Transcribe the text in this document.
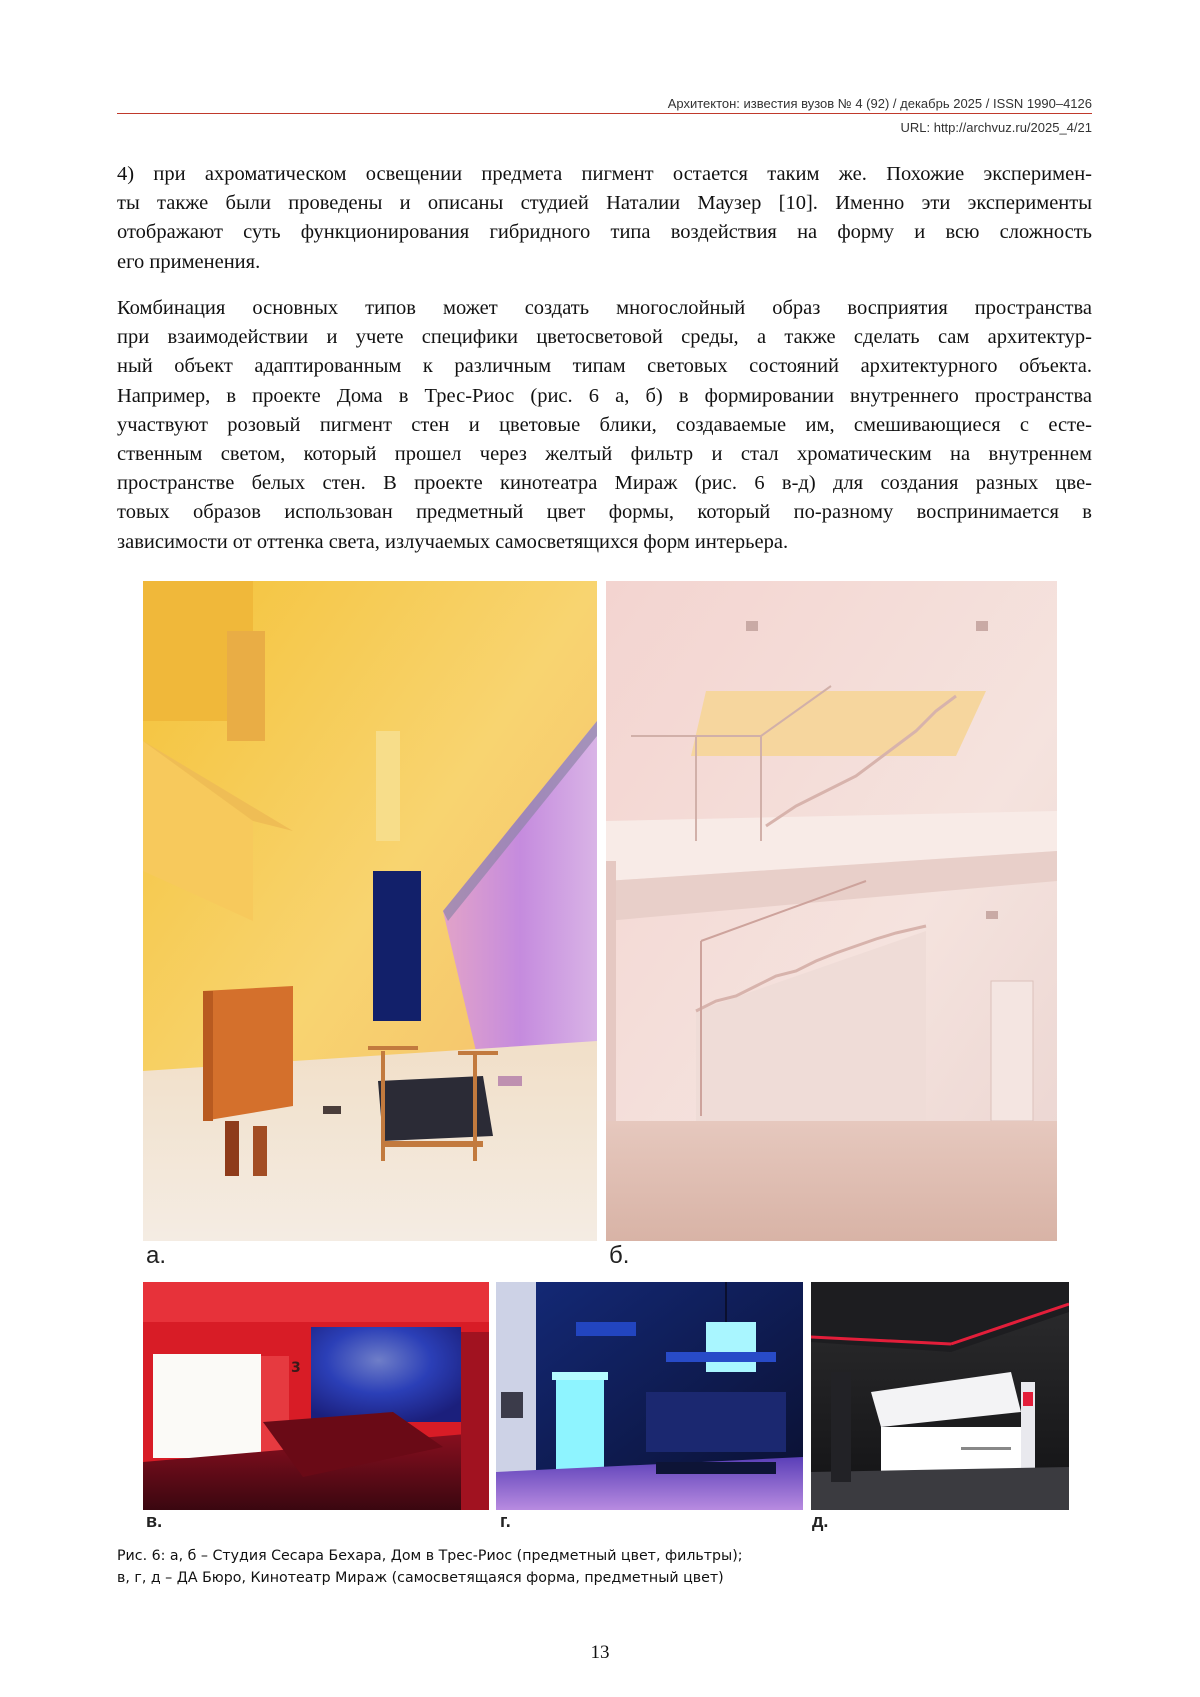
Архитектон: известия вузов № 4 (92) / декабрь 2025 / ISSN 1990–4126
URL: http://archvuz.ru/2025_4/21
4) при ахроматическом освещении предмета пигмент остается таким же. Похожие эксперимен-
ты также были проведены и описаны студией Наталии Маузер [10]. Именно эти эксперименты
отображают суть функционирования гибридного типа воздействия на форму и всю сложность
его применения.
Комбинация основных типов может создать многослойный образ восприятия пространства
при взаимодействии и учете специфики цветосветовой среды, а также сделать сам архитектур-
ный объект адаптированным к различным типам световых состояний архитектурного объекта.
Например, в проекте Дома в Трес-Риос (рис. 6 а, б) в формировании внутреннего пространства
участвуют розовый пигмент стен и цветовые блики, создаваемые им, смешивающиеся с есте-
ственным светом, который прошел через желтый фильтр и стал хроматическим на внутреннем
пространстве белых стен. В проекте кинотеатра Мираж (рис. 6 в-д) для создания разных цве-
товых образов использован предметный цвет формы, который по-разному воспринимается в
зависимости от оттенка света, излучаемых самосветящихся форм интерьера.
а.	б.
3
в.	г.	д.
Рис. 6: а, б – Студия Сесара Бехара, Дом в Трес-Риос (предметный цвет, фильтры);
в, г, д – ДА Бюро, Кинотеатр Мираж (самосветящаяся форма, предметный цвет)
13
